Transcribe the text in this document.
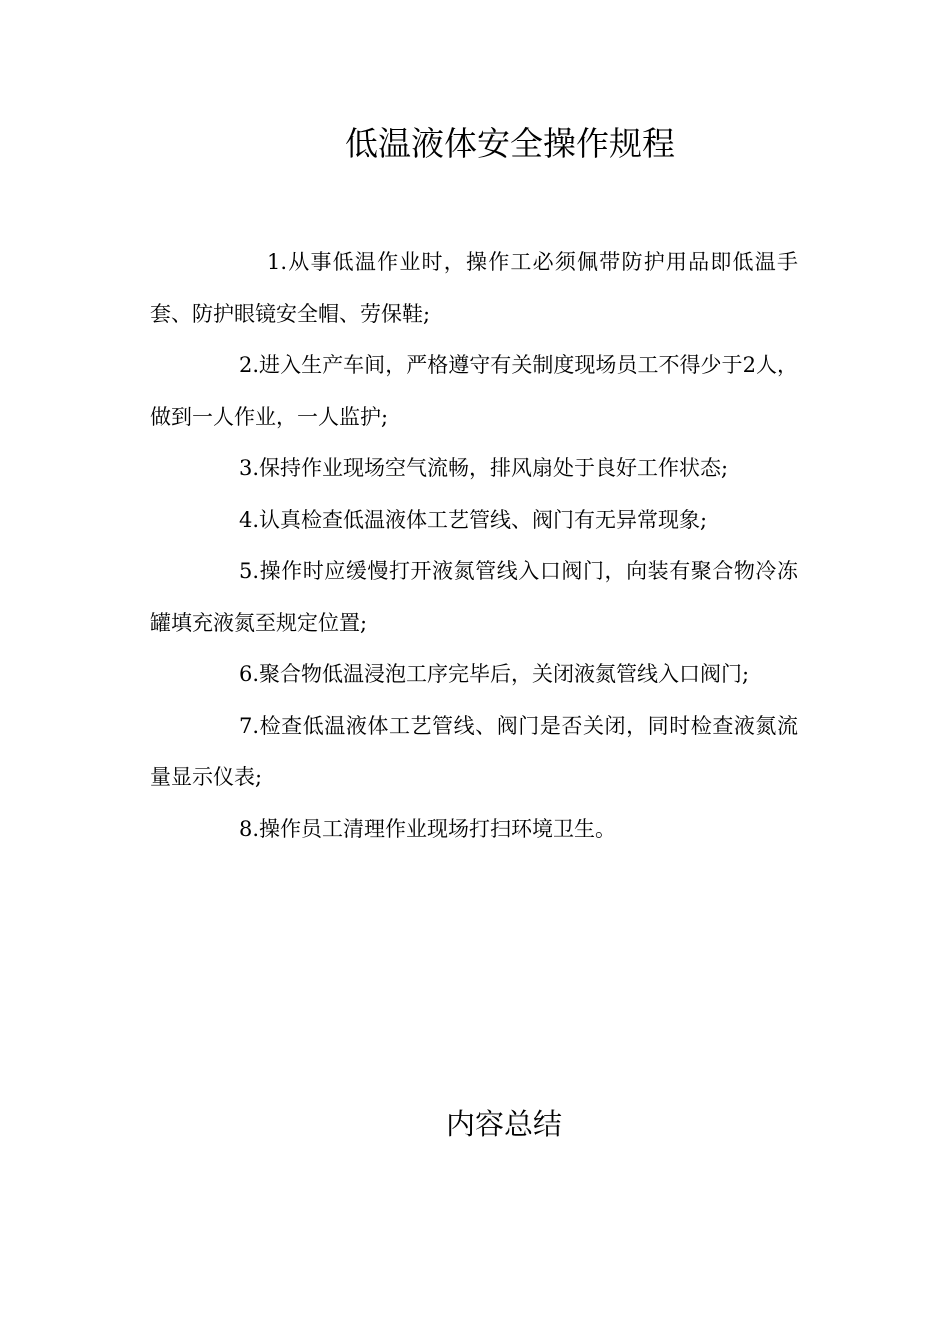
低温液体安全操作规程

1.从事低温作业时，操作工必须佩带防护用品即低温手套、防护眼镜安全帽、劳保鞋;

2.进入生产车间，严格遵守有关制度现场员工不得少于2人，做到一人作业，一人监护;

3.保持作业现场空气流畅，排风扇处于良好工作状态;

4.认真检查低温液体工艺管线、阀门有无异常现象;

5.操作时应缓慢打开液氮管线入口阀门，向装有聚合物冷冻罐填充液氮至规定位置;

6.聚合物低温浸泡工序完毕后，关闭液氮管线入口阀门;

7.检查低温液体工艺管线、阀门是否关闭，同时检查液氮流量显示仪表;

8.操作员工清理作业现场打扫环境卫生。

内容总结
